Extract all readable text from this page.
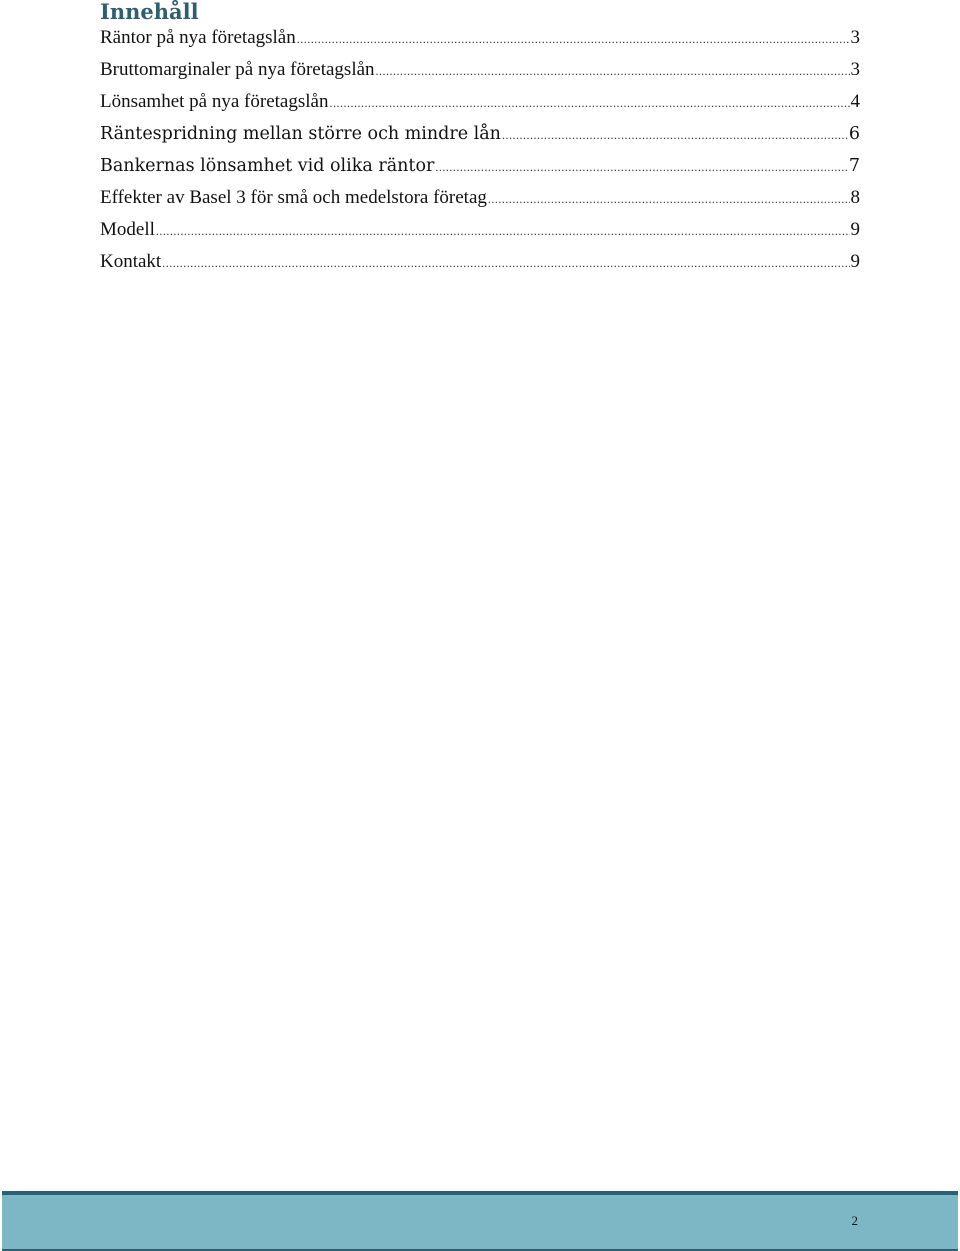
Innehåll
Räntor på nya företagslån .....	3
Bruttomarginaler på nya företagslån .....	3
Lönsamhet på nya företagslån .....	4
Räntespridning mellan större och mindre lån .....	6
Bankernas lönsamhet vid olika räntor .....	7
Effekter av Basel 3 för små och medelstora företag .....	8
Modell .....	9
Kontakt .....	9
2
